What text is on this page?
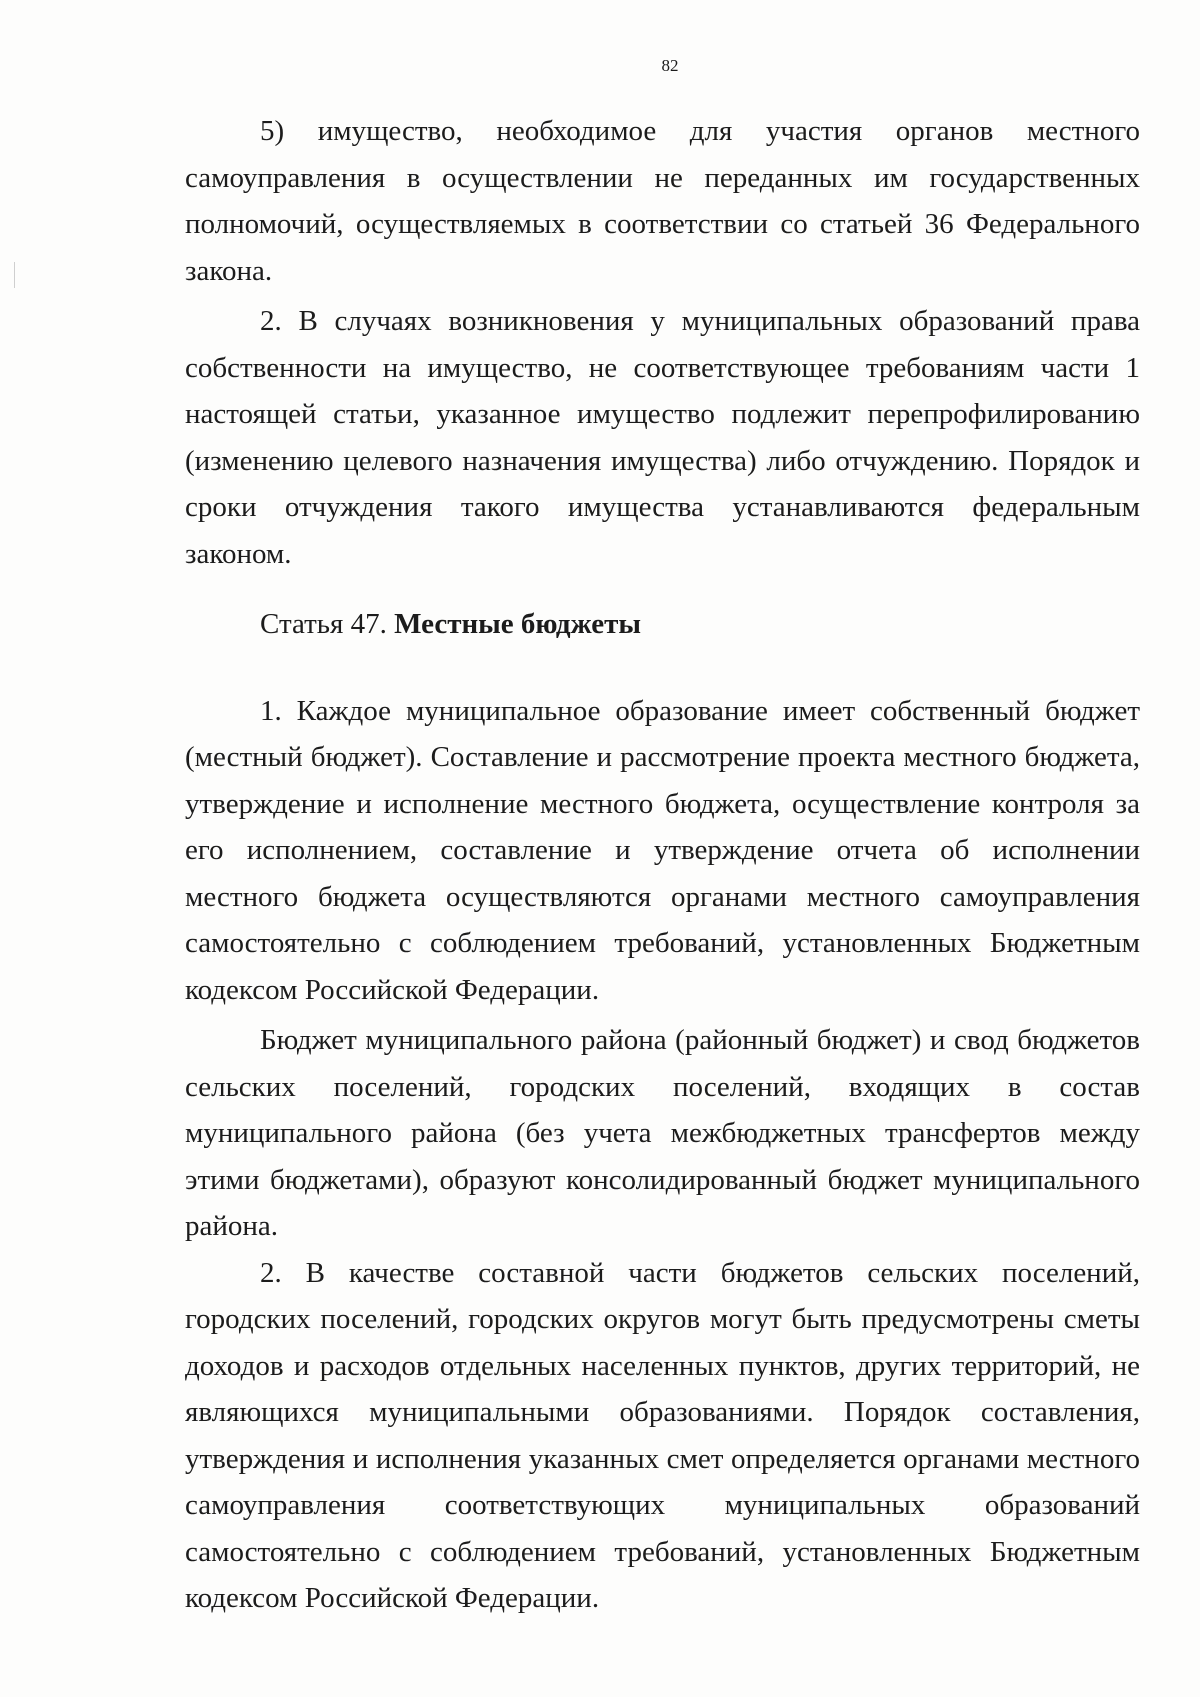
82

5) имущество, необходимое для участия органов местного самоуправления в осуществлении не переданных им государственных полномочий, осуществляемых в соответствии со статьей 36 Федерального закона.

2. В случаях возникновения у муниципальных образований права собственности на имущество, не соответствующее требованиям части 1 настоящей статьи, указанное имущество подлежит перепрофилированию (изменению целевого назначения имущества) либо отчуждению. Порядок и сроки отчуждения такого имущества устанавливаются федеральным законом.

Статья 47. Местные бюджеты

1. Каждое муниципальное образование имеет собственный бюджет (местный бюджет). Составление и рассмотрение проекта местного бюджета, утверждение и исполнение местного бюджета, осуществление контроля за его исполнением, составление и утверждение отчета об исполнении местного бюджета осуществляются органами местного самоуправления самостоятельно с соблюдением требований, установленных Бюджетным кодексом Российской Федерации.

Бюджет муниципального района (районный бюджет) и свод бюджетов сельских поселений, городских поселений, входящих в состав муниципального района (без учета межбюджетных трансфертов между этими бюджетами), образуют консолидированный бюджет муниципального района.

2. В качестве составной части бюджетов сельских поселений, городских поселений, городских округов могут быть предусмотрены сметы доходов и расходов отдельных населенных пунктов, других территорий, не являющихся муниципальными образованиями. Порядок составления, утверждения и исполнения указанных смет определяется органами местного самоуправления соответствующих муниципальных образований самостоятельно с соблюдением требований, установленных Бюджетным кодексом Российской Федерации.
